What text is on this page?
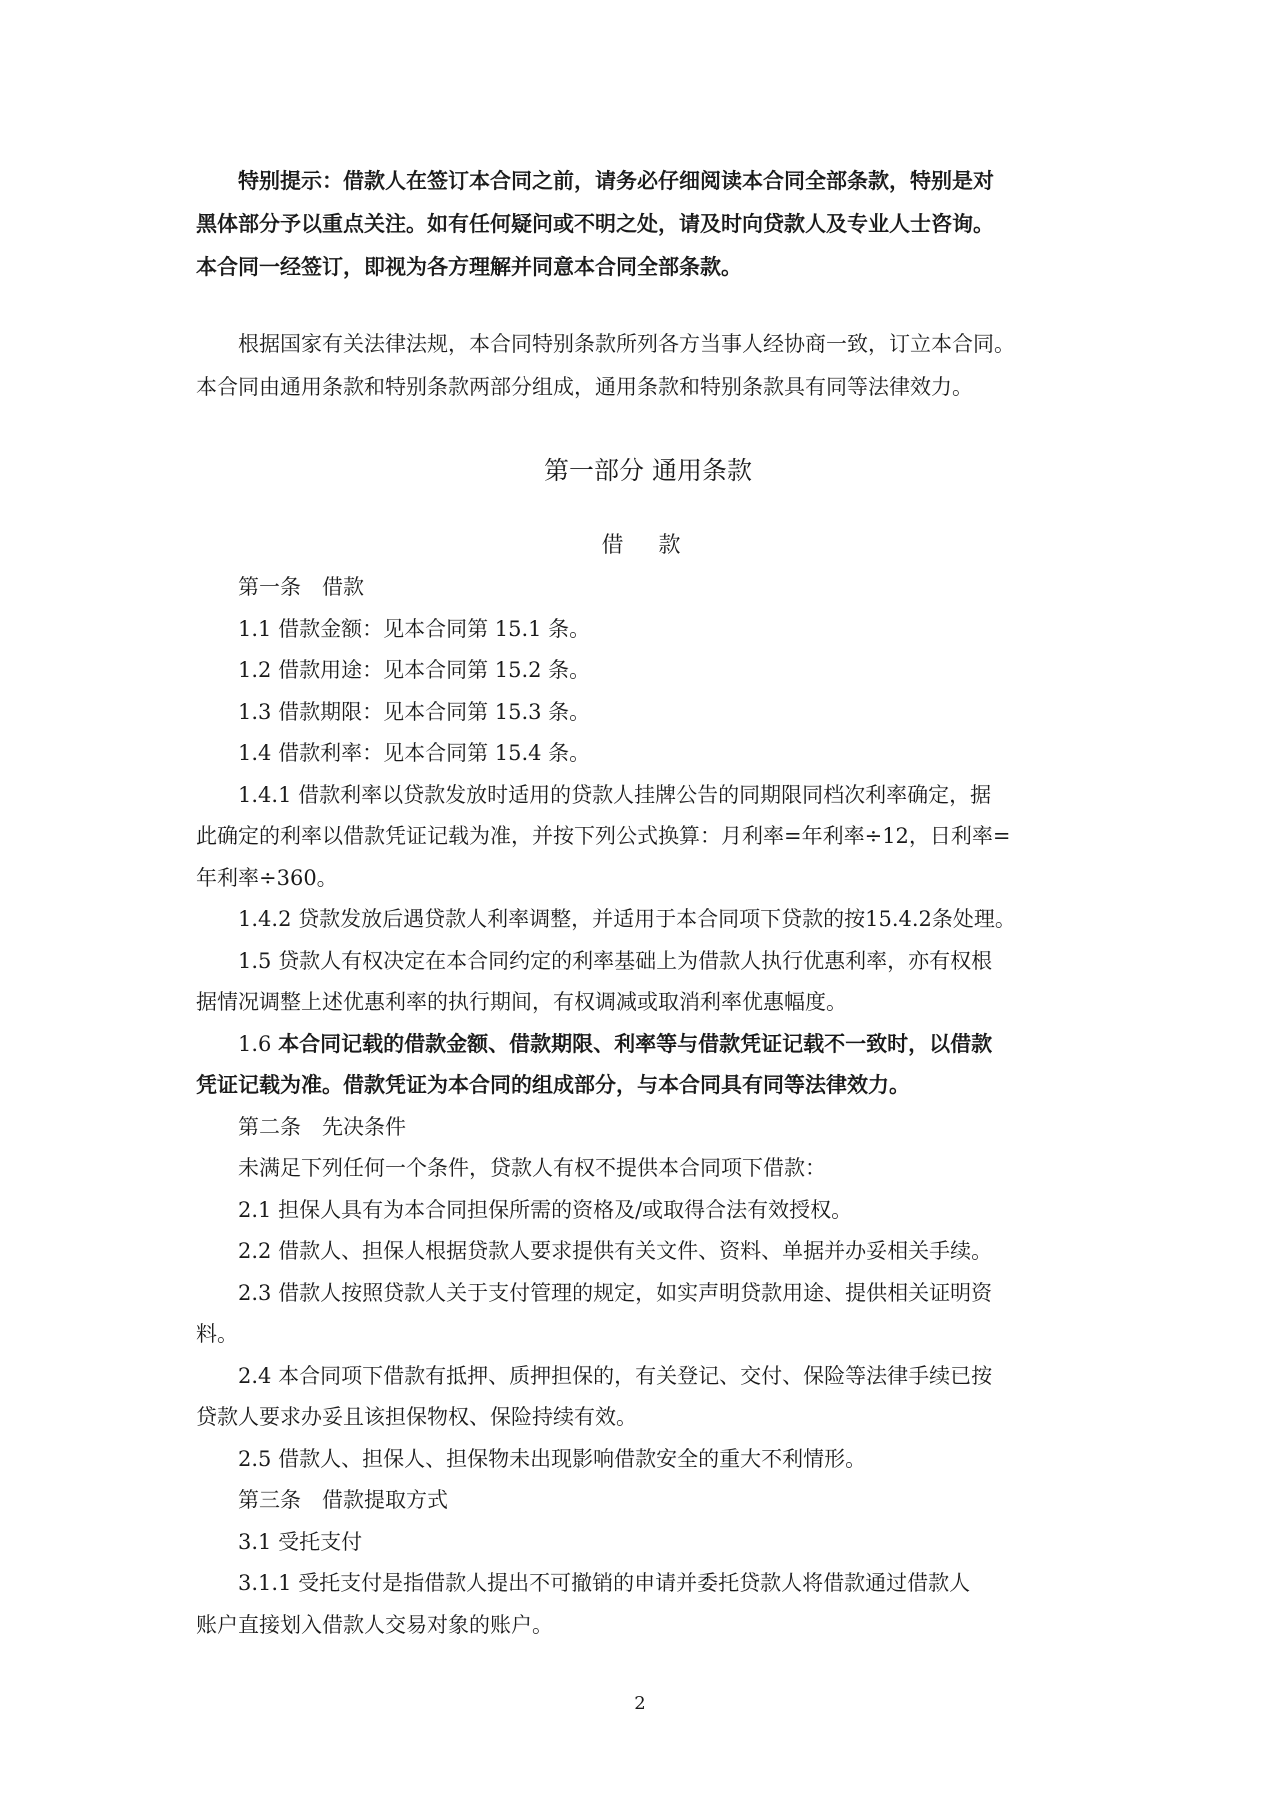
特别提示：借款人在签订本合同之前，请务必仔细阅读本合同全部条款，特别是对

黑体部分予以重点关注。如有任何疑问或不明之处，请及时向贷款人及专业人士咨询。

本合同一经签订，即视为各方理解并同意本合同全部条款。

根据国家有关法律法规，本合同特别条款所列各方当事人经协商一致，订立本合同。

本合同由通用条款和特别条款两部分组成，通用条款和特别条款具有同等法律效力。

第一部分 通用条款
借 款

第一条　借款

1.1 借款金额：见本合同第 15.1 条。

1.2 借款用途：见本合同第 15.2 条。

1.3 借款期限：见本合同第 15.3 条。

1.4 借款利率：见本合同第 15.4 条。

1.4.1 借款利率以贷款发放时适用的贷款人挂牌公告的同期限同档次利率确定，据

此确定的利率以借款凭证记载为准，并按下列公式换算：月利率=年利率÷12，日利率=

年利率÷360。

1.4.2 贷款发放后遇贷款人利率调整，并适用于本合同项下贷款的按15.4.2条处理。

1.5 贷款人有权决定在本合同约定的利率基础上为借款人执行优惠利率，亦有权根

据情况调整上述优惠利率的执行期间，有权调减或取消利率优惠幅度。

1.6 本合同记载的借款金额、借款期限、利率等与借款凭证记载不一致时，以借款

凭证记载为准。借款凭证为本合同的组成部分，与本合同具有同等法律效力。

第二条　先决条件

未满足下列任何一个条件，贷款人有权不提供本合同项下借款：

2.1 担保人具有为本合同担保所需的资格及/或取得合法有效授权。

2.2 借款人、担保人根据贷款人要求提供有关文件、资料、单据并办妥相关手续。

2.3 借款人按照贷款人关于支付管理的规定，如实声明贷款用途、提供相关证明资

料。

2.4 本合同项下借款有抵押、质押担保的，有关登记、交付、保险等法律手续已按

贷款人要求办妥且该担保物权、保险持续有效。

2.5 借款人、担保人、担保物未出现影响借款安全的重大不利情形。

第三条　借款提取方式

3.1 受托支付

3.1.1 受托支付是指借款人提出不可撤销的申请并委托贷款人将借款通过借款人

账户直接划入借款人交易对象的账户。

2
